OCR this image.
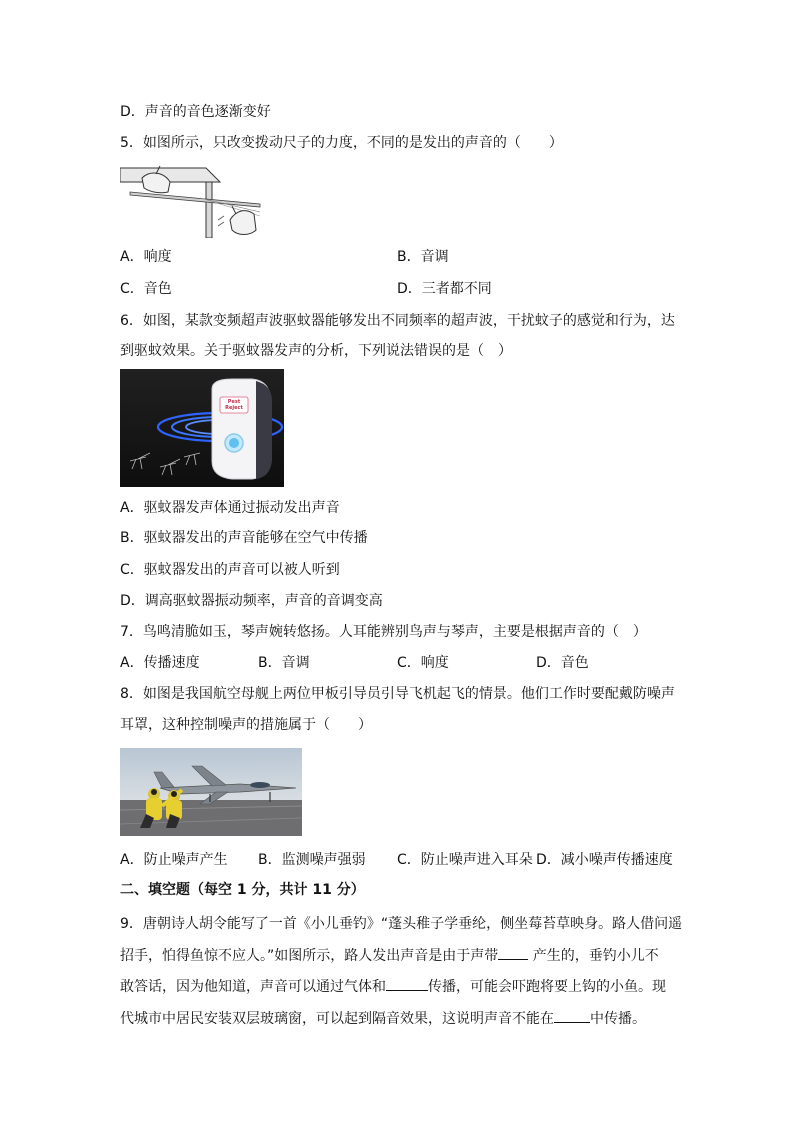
D．声音的音色逐渐变好
5．如图所示，只改变拨动尺子的力度，不同的是发出的声音的（　　）
A．响度	B．音调
C．音色	D．三者都不同
6．如图，某款变频超声波驱蚊器能够发出不同频率的超声波，干扰蚊子的感觉和行为，达
到驱蚊效果。关于驱蚊器发声的分析，下列说法错误的是（　）
Pest Reject
A．驱蚊器发声体通过振动发出声音
B．驱蚊器发出的声音能够在空气中传播
C．驱蚊器发出的声音可以被人听到
D．调高驱蚊器振动频率，声音的音调变高
7．鸟鸣清脆如玉，琴声婉转悠扬。人耳能辨别鸟声与琴声，主要是根据声音的（　）
A．传播速度	B．音调	C．响度	D．音色
8．如图是我国航空母舰上两位甲板引导员引导飞机起飞的情景。他们工作时要配戴防噪声
耳罩，这种控制噪声的措施属于（　　）
A．防止噪声产生 B．监测噪声强弱 C．防止噪声进入耳朵 D．减小噪声传播速度
二、填空题（每空 1 分，共计 11 分）
9．唐朝诗人胡令能写了一首《小儿垂钓》“蓬头稚子学垂纶，侧坐莓苔草映身。路人借问遥
招手，怕得鱼惊不应人。”如图所示，路人发出声音是由于声带 产生的，垂钓小儿不
敢答话，因为他知道，声音可以通过气体和	传播，可能会吓跑将要上钩的小鱼。现
代城市中居民安装双层玻璃窗，可以起到隔音效果，这说明声音不能在	中传播。
